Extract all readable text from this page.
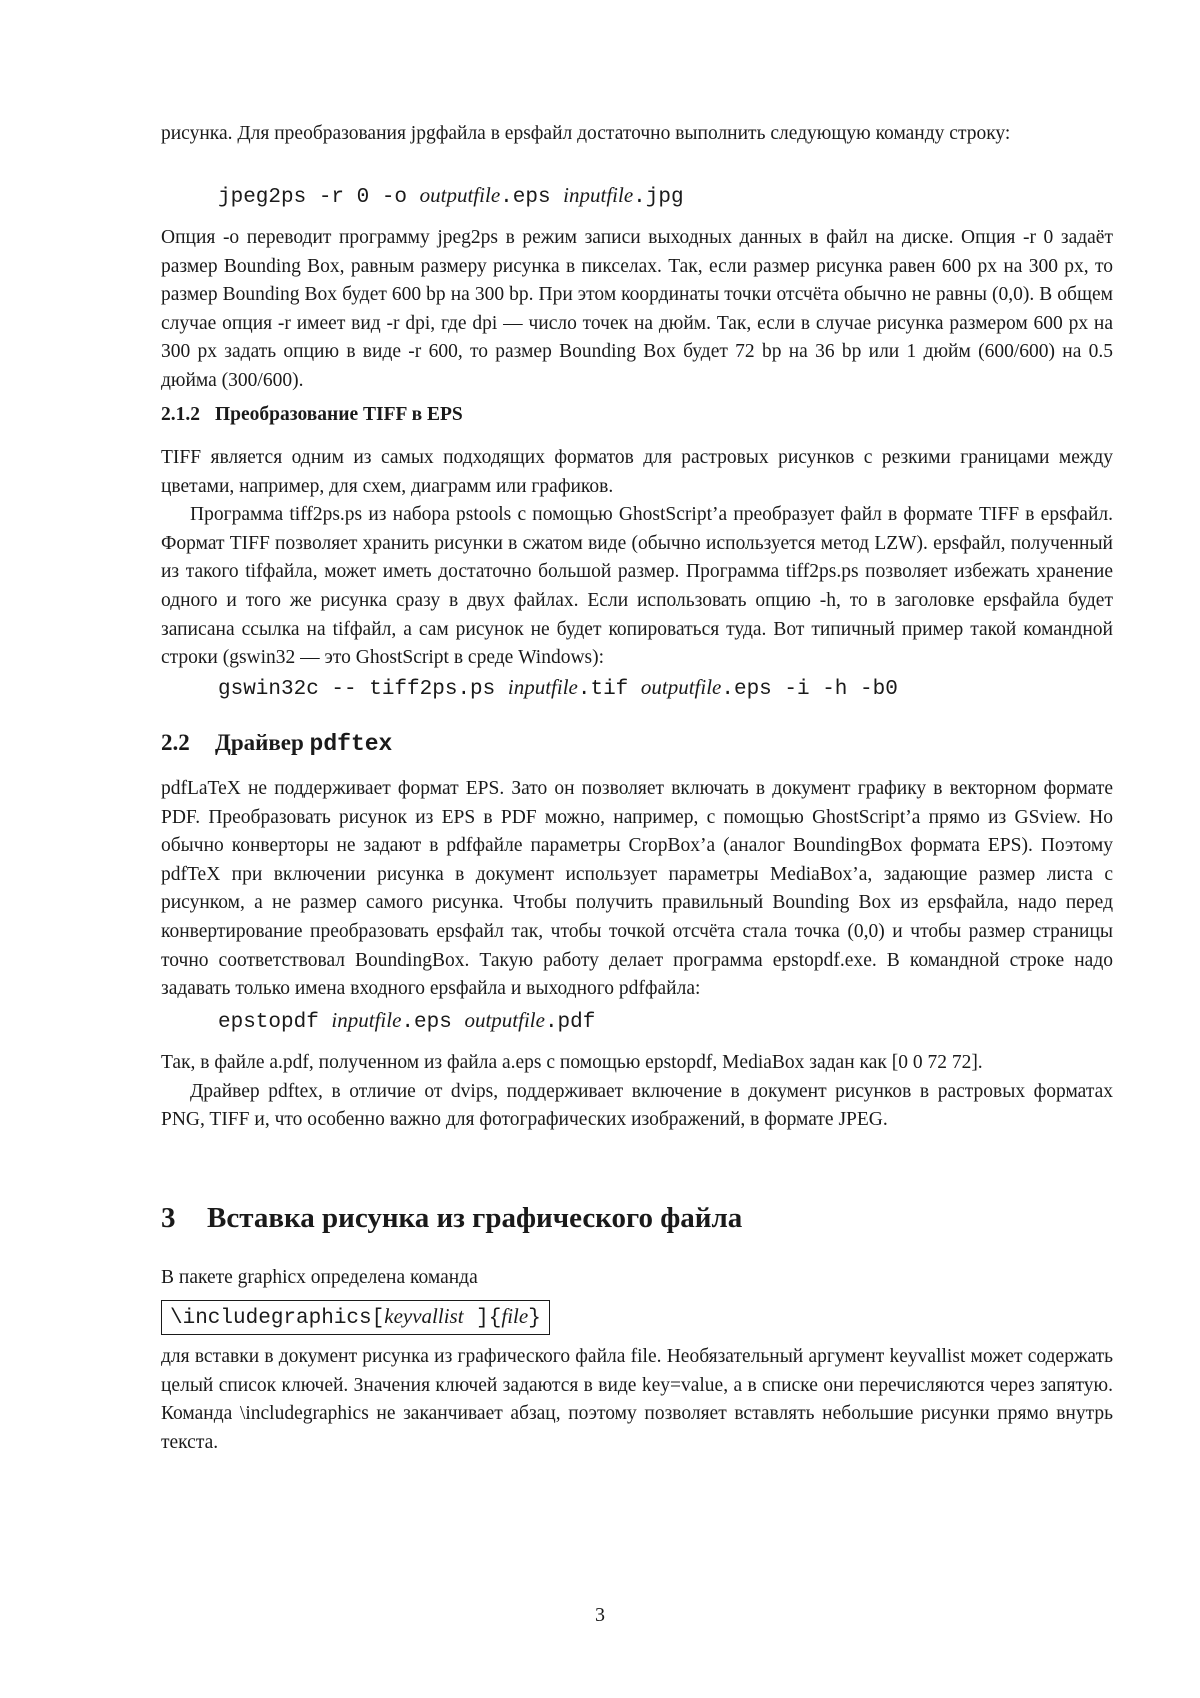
рисунка. Для преобразования jpgфайла в epsфайл достаточно выполнить следующую команду строку:

jpeg2ps -r 0 -o outputfile.eps inputfile.jpg

Опция -o переводит программу jpeg2ps в режим записи выходных данных в файл на диске. Опция -r 0 задаёт размер Bounding Box, равным размеру рисунка в пикселах. Так, если размер рисунка равен 600 px на 300 px, то размер Bounding Box будет 600 bp на 300 bp. При этом координаты точки отсчёта обычно не равны (0,0). В общем случае опция -r имеет вид -r dpi, где dpi — число точек на дюйм. Так, если в случае рисунка размером 600 px на 300 px задать опцию в виде -r 600, то размер Bounding Box будет 72 bp на 36 bp или 1 дюйм (600/600) на 0.5 дюйма (300/600).

2.1.2 Преобразование TIFF в EPS

TIFF является одним из самых подходящих форматов для растровых рисунков с резкими границами между цветами, например, для схем, диаграмм или графиков.

Программа tiff2ps.ps из набора pstools с помощью GhostScript’а преобразует файл в формате TIFF в epsфайл. Формат TIFF позволяет хранить рисунки в сжатом виде (обычно используется метод LZW). epsфайл, полученный из такого tifфайла, может иметь достаточно большой размер. Программа tiff2ps.ps позволяет избежать хранение одного и того же рисунка сразу в двух файлах. Если использовать опцию -h, то в заголовке epsфайла будет записана ссылка на tifфайл, а сам рисунок не будет копироваться туда. Вот типичный пример такой командной строки (gswin32 — это GhostScript в среде Windows):

gswin32c -- tiff2ps.ps inputfile.tif outputfile.eps -i -h -b0
2.2 Драйвер pdftex

pdfLaTeX не поддерживает формат EPS. Зато он позволяет включать в документ графику в векторном формате PDF. Преобразовать рисунок из EPS в PDF можно, например, с помощью GhostScript’а прямо из GSview. Но обычно конверторы не задают в pdfфайле параметры CropBox’а (аналог BoundingBox формата EPS). Поэтому pdfTeX при включении рисунка в документ использует параметры MediaBox’а, задающие размер листа с рисунком, а не размер самого рисунка. Чтобы получить правильный Bounding Box из epsфайла, надо перед конвертирование преобразовать epsфайл так, чтобы точкой отсчёта стала точка (0,0) и чтобы размер страницы точно соответствовал BoundingBox. Такую работу делает программа epstopdf.exe. В командной строке надо задавать только имена входного epsфайла и выходного pdfфайла:

epstopdf inputfile.eps outputfile.pdf

Так, в файле a.pdf, полученном из файла a.eps с помощью epstopdf, MediaBox задан как [0 0 72 72].

Драйвер pdftex, в отличие от dvips, поддерживает включение в документ рисунков в растровых форматах PNG, TIFF и, что особенно важно для фотографических изображений, в формате JPEG.

3 Вставка рисунка из графического файла

В пакете graphicx определена команда

\includegraphics[keyvallist ]{file}

для вставки в документ рисунка из графического файла file. Необязательный аргумент keyvallist может содержать целый список ключей. Значения ключей задаются в виде key=value, а в списке они перечисляются через запятую. Команда \includegraphics не заканчивает абзац, поэтому позволяет вставлять небольшие рисунки прямо внутрь текста.

3
